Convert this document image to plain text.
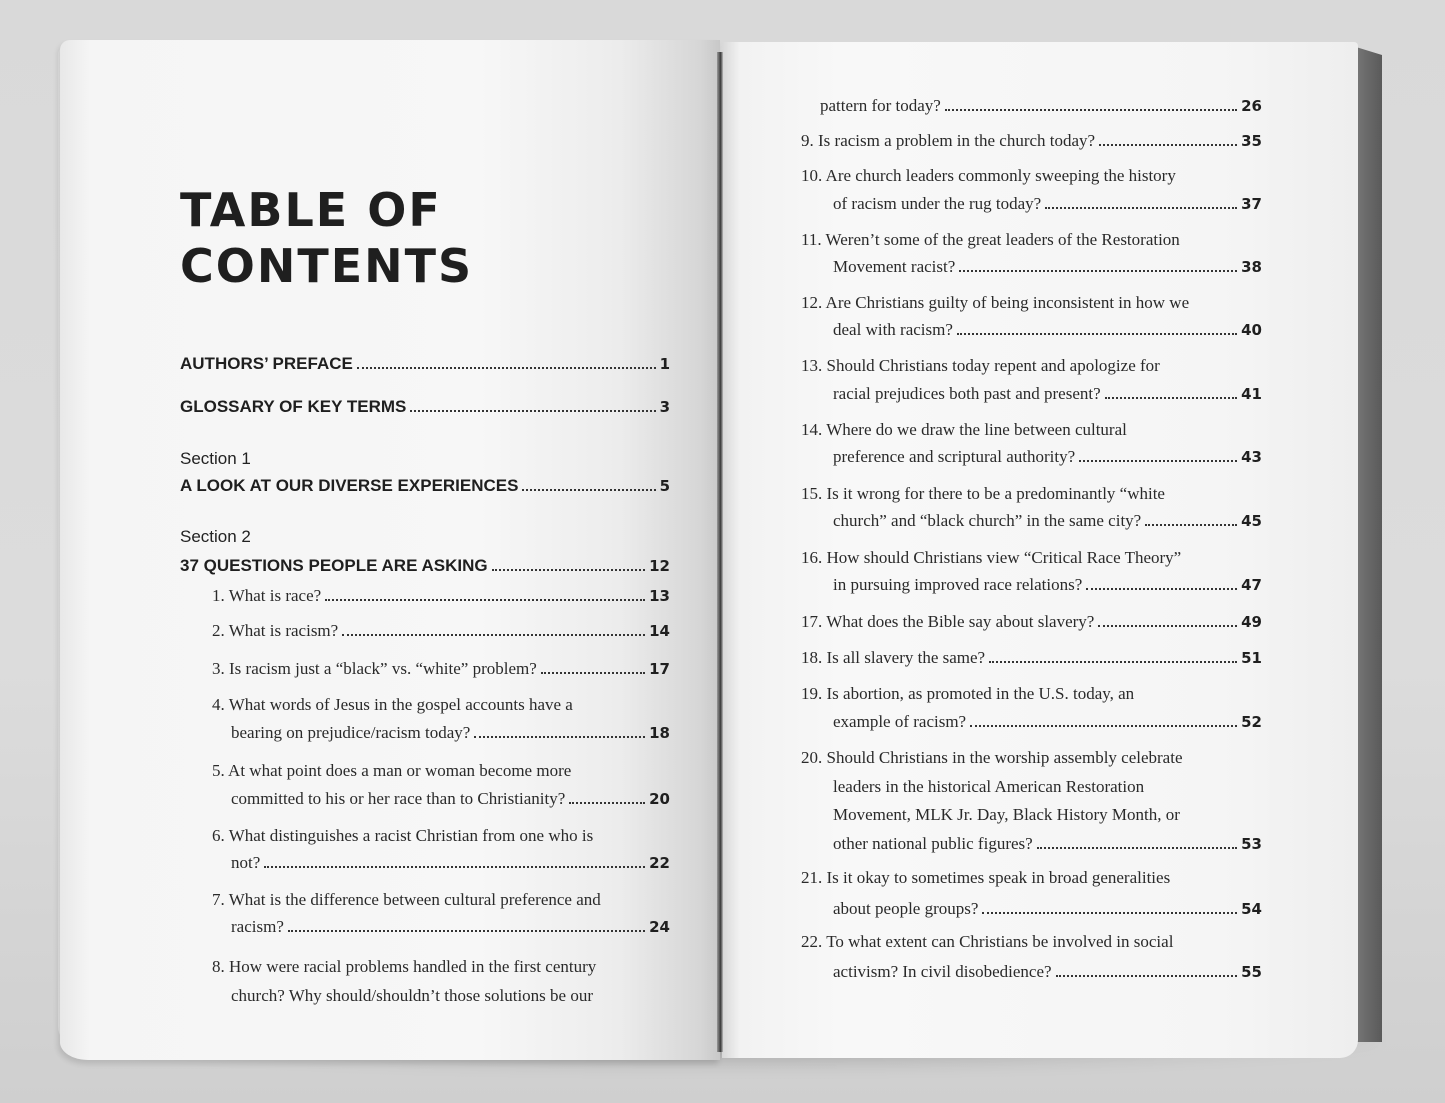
TABLE OF
CONTENTS
AUTHORS’ PREFACE	1
GLOSSARY OF KEY TERMS	3
Section 1
A LOOK AT OUR DIVERSE EXPERIENCES	5
Section 2
37 QUESTIONS PEOPLE ARE ASKING	12
1. What is race?	13
2. What is racism?	14
3. Is racism just a “black” vs. “white” problem?	17
4. What words of Jesus in the gospel accounts have a
bearing on prejudice/racism today?	18
5. At what point does a man or woman become more
committed to his or her race than to Christianity?	20
6. What distinguishes a racist Christian from one who is
not?	22
7. What is the difference between cultural preference and
racism?	24
8. How were racial problems handled in the first century
church? Why should/shouldn’t those solutions be our
pattern for today?	26
9. Is racism a problem in the church today?	35
10. Are church leaders commonly sweeping the history
of racism under the rug today?	37
11. Weren’t some of the great leaders of the Restoration
Movement racist?	38
12. Are Christians guilty of being inconsistent in how we
deal with racism?	40
13. Should Christians today repent and apologize for
racial prejudices both past and present?	41
14. Where do we draw the line between cultural
preference and scriptural authority?	43
15. Is it wrong for there to be a predominantly “white
church” and “black church” in the same city?	45
16. How should Christians view “Critical Race Theory”
in pursuing improved race relations?	47
17. What does the Bible say about slavery?	49
18. Is all slavery the same?	51
19. Is abortion, as promoted in the U.S. today, an
example of racism?	52
20. Should Christians in the worship assembly celebrate
leaders in the historical American Restoration
Movement, MLK Jr. Day, Black History Month, or
other national public figures?	53
21. Is it okay to sometimes speak in broad generalities
about people groups?	54
22. To what extent can Christians be involved in social
activism? In civil disobedience?	55
